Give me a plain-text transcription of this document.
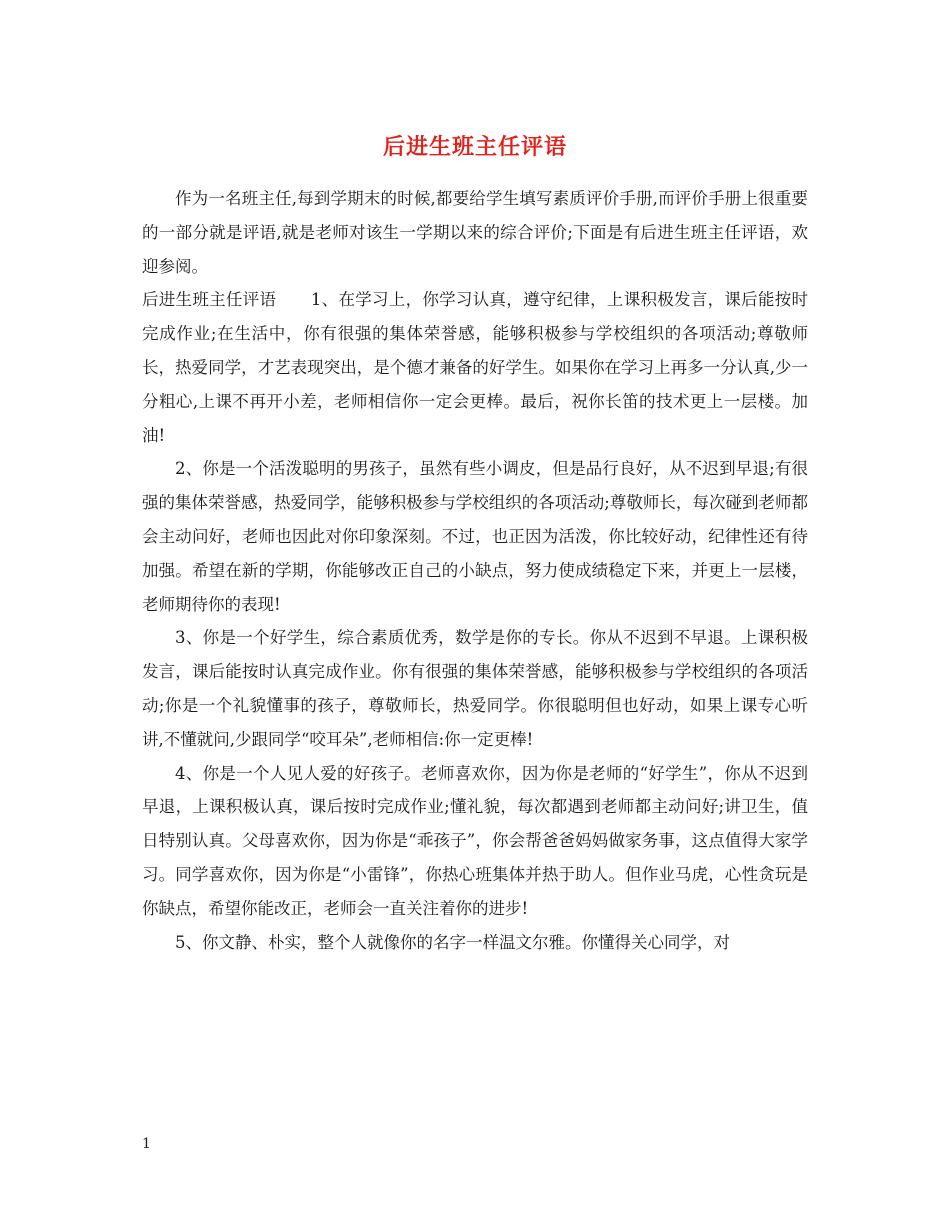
后进生班主任评语

作为一名班主任,每到学期末的时候,都要给学生填写素质评价手册,而评价手册上很重要的一部分就是评语,就是老师对该生一学期以来的综合评价;下面是有后进生班主任评语，欢迎参阅。

后进生班主任评语 1、在学习上，你学习认真，遵守纪律，上课积极发言，课后能按时完成作业;在生活中，你有很强的集体荣誉感，能够积极参与学校组织的各项活动;尊敬师长，热爱同学，才艺表现突出，是个德才兼备的好学生。如果你在学习上再多一分认真,少一分粗心,上课不再开小差，老师相信你一定会更棒。最后，祝你长笛的技术更上一层楼。加油!

2、你是一个活泼聪明的男孩子，虽然有些小调皮，但是品行良好，从不迟到早退;有很强的集体荣誉感，热爱同学，能够积极参与学校组织的各项活动;尊敬师长，每次碰到老师都会主动问好，老师也因此对你印象深刻。不过，也正因为活泼，你比较好动，纪律性还有待加强。希望在新的学期，你能够改正自己的小缺点，努力使成绩稳定下来，并更上一层楼，老师期待你的表现!

3、你是一个好学生，综合素质优秀，数学是你的专长。你从不迟到不早退。上课积极发言，课后能按时认真完成作业。你有很强的集体荣誉感，能够积极参与学校组织的各项活动;你是一个礼貌懂事的孩子，尊敬师长，热爱同学。你很聪明但也好动，如果上课专心听讲,不懂就问,少跟同学“咬耳朵”,老师相信:你一定更棒!

4、你是一个人见人爱的好孩子。老师喜欢你，因为你是老师的“好学生”，你从不迟到早退，上课积极认真，课后按时完成作业;懂礼貌，每次都遇到老师都主动问好;讲卫生，值日特别认真。父母喜欢你，因为你是“乖孩子”，你会帮爸爸妈妈做家务事，这点值得大家学习。同学喜欢你，因为你是“小雷锋”，你热心班集体并热于助人。但作业马虎，心性贪玩是你缺点，希望你能改正，老师会一直关注着你的进步!

5、你文静、朴实，整个人就像你的名字一样温文尔雅。你懂得关心同学，对

1
